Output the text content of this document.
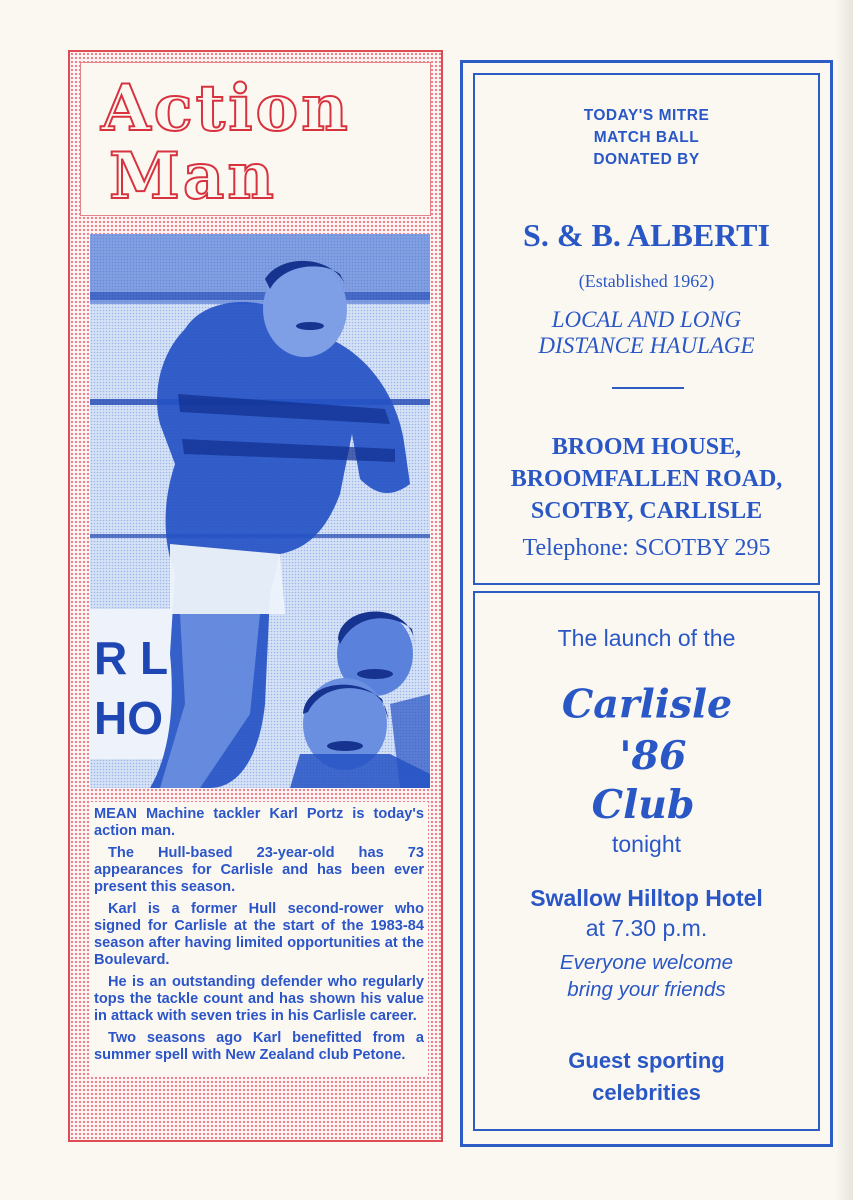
Action
Man
R L
HO

MEAN Machine tackler Karl Portz is today's action man.

The Hull-based 23-year-old has 73 appearances for Carlisle and has been ever present this season.

Karl is a former Hull second-rower who signed for Carlisle at the start of the 1983-84 season after having limited opportunities at the Boulevard.

He is an outstanding defender who regularly tops the tackle count and has shown his value in attack with seven tries in his Carlisle career.

Two seasons ago Karl benefitted from a summer spell with New Zealand club Petone.

TODAY'S MITRE
MATCH BALL
DONATED BY
S. & B. ALBERTI
(Established 1962)
LOCAL AND LONG
DISTANCE HAULAGE
BROOM HOUSE,
BROOMFALLEN ROAD,
SCOTBY, CARLISLE
Telephone: SCOTBY 295
The launch of the
Carlisle
'86
Club
tonight
Swallow Hilltop Hotel
at 7.30 p.m.
Everyone welcome
bring your friends
Guest sporting
celebrities
